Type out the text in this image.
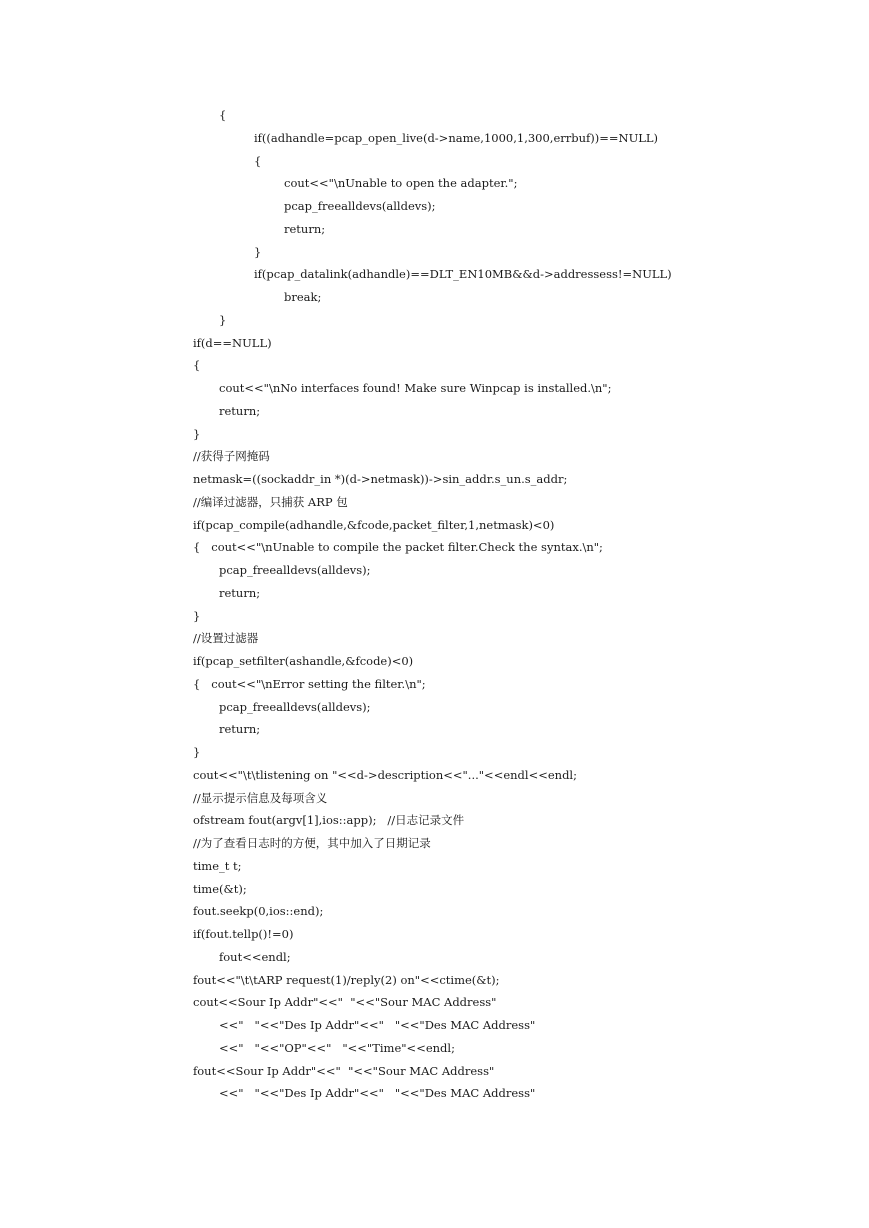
{
if((adhandle=pcap_open_live(d->name,1000,1,300,errbuf))==NULL)
{
cout<<"\nUnable to open the adapter.";
pcap_freealldevs(alldevs);
return;
}
if(pcap_datalink(adhandle)==DLT_EN10MB&&d->addressess!=NULL)
break;
}
if(d==NULL)
{
cout<<"\nNo interfaces found! Make sure Winpcap is installed.\n";
return;
}
//获得子网掩码
netmask=((sockaddr_in *)(d->netmask))->sin_addr.s_un.s_addr;
//编译过滤器，只捕获 ARP 包
if(pcap_compile(adhandle,&fcode,packet_filter,1,netmask)<0)
{   cout<<"\nUnable to compile the packet filter.Check the syntax.\n";
pcap_freealldevs(alldevs);
return;
}
//设置过滤器
if(pcap_setfilter(ashandle,&fcode)<0)
{   cout<<"\nError setting the filter.\n";
pcap_freealldevs(alldevs);
return;
}
cout<<"\t\tlistening on "<<d->description<<"..."<<endl<<endl;
//显示提示信息及每项含义
ofstream fout(argv[1],ios::app);   //日志记录文件
//为了查看日志时的方便，其中加入了日期记录
time_t t;
time(&t);
fout.seekp(0,ios::end);
if(fout.tellp()!=0)
fout<<endl;
fout<<"\t\tARP request(1)/reply(2) on"<<ctime(&t);
cout<<Sour Ip Addr"<<"  "<<"Sour MAC Address"
<<"   "<<"Des Ip Addr"<<"   "<<"Des MAC Address"
<<"   "<<"OP"<<"   "<<"Time"<<endl;
fout<<Sour Ip Addr"<<"  "<<"Sour MAC Address"
<<"   "<<"Des Ip Addr"<<"   "<<"Des MAC Address"
